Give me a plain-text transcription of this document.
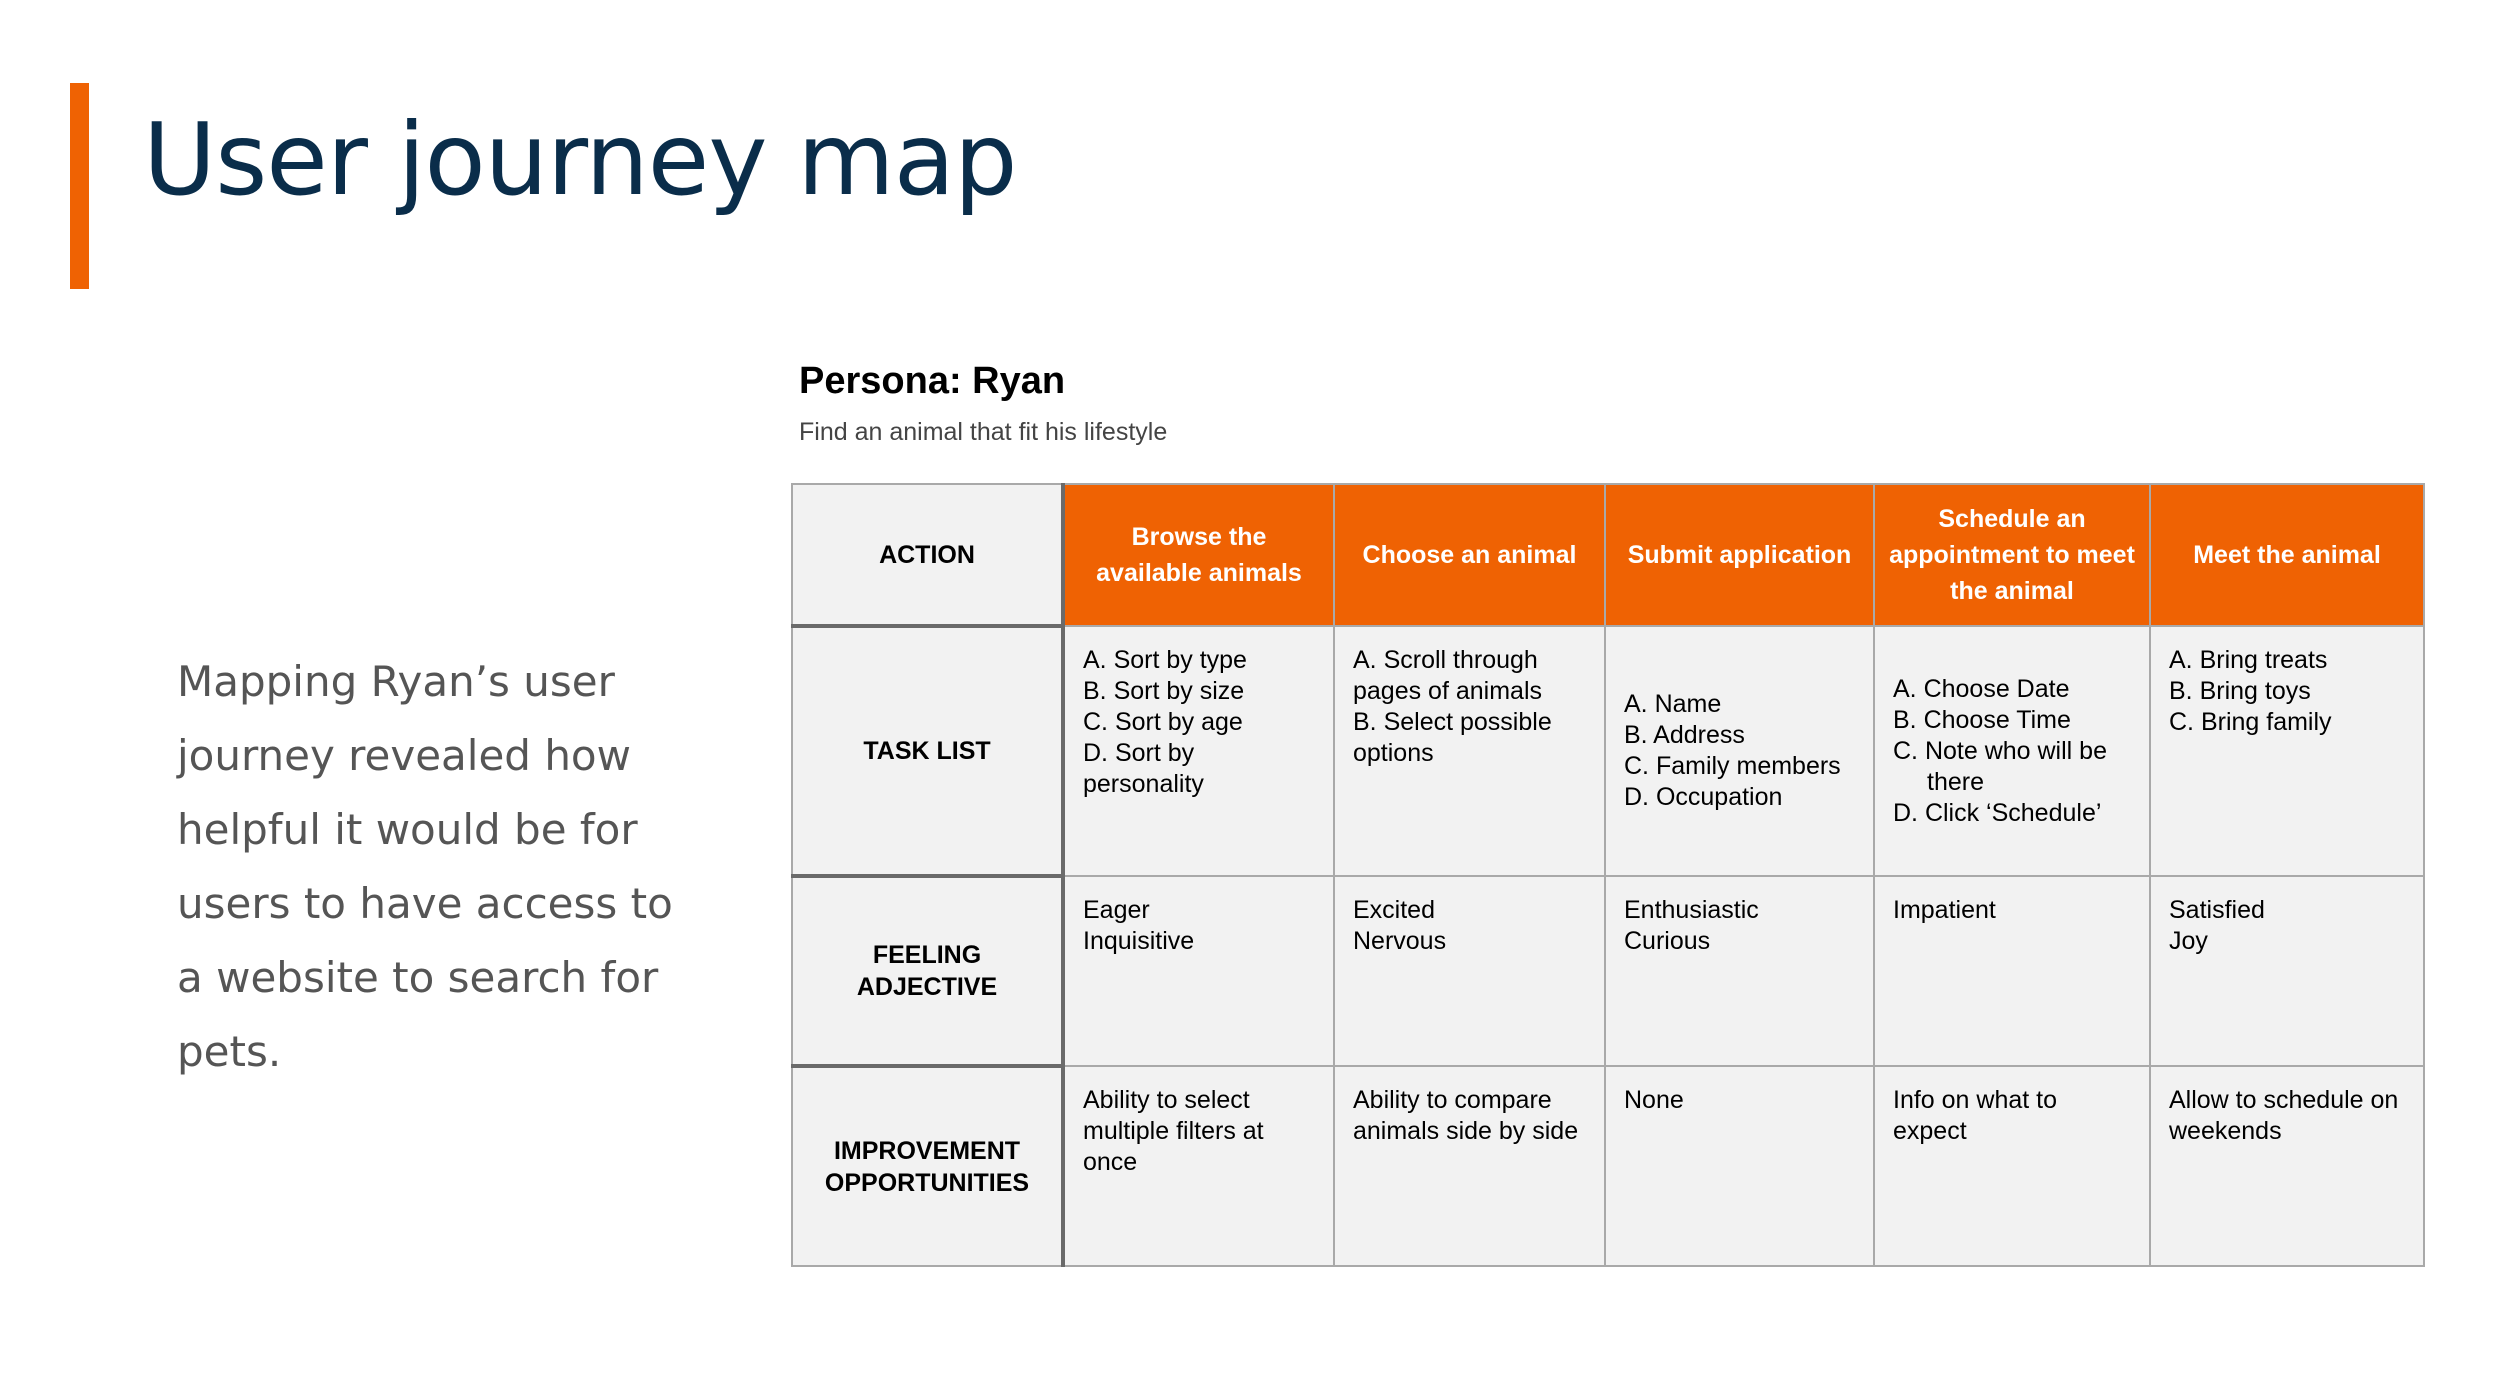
User journey map

Mapping Ryan’s user journey revealed how helpful it would be for users to have access to a website to search for pets.

Persona: Ryan

Find an animal that fit his lifestyle

ACTION	Browse the available animals	Choose an animal	Submit application	Schedule an appointment to meet the animal	Meet the animal
TASK LIST	A. Sort by type
B. Sort by size
C. Sort by age
D. Sort by personality	A. Scroll through pages of animals
B. Select possible options	A. Name
B. Address
C. Family members
D. Occupation	A. Choose Date
B. Choose Time
C. Note who will be
there
D. Click ‘Schedule’	A. Bring treats
B. Bring toys
C. Bring family

FEELING ADJECTIVE	Eager
Inquisitive	Excited
Nervous	Enthusiastic
Curious	Impatient	Satisfied
Joy

IMPROVEMENT OPPORTUNITIES	Ability to select multiple filters at once	Ability to compare animals side by side	None	Info on what to expect	Allow to schedule on weekends
